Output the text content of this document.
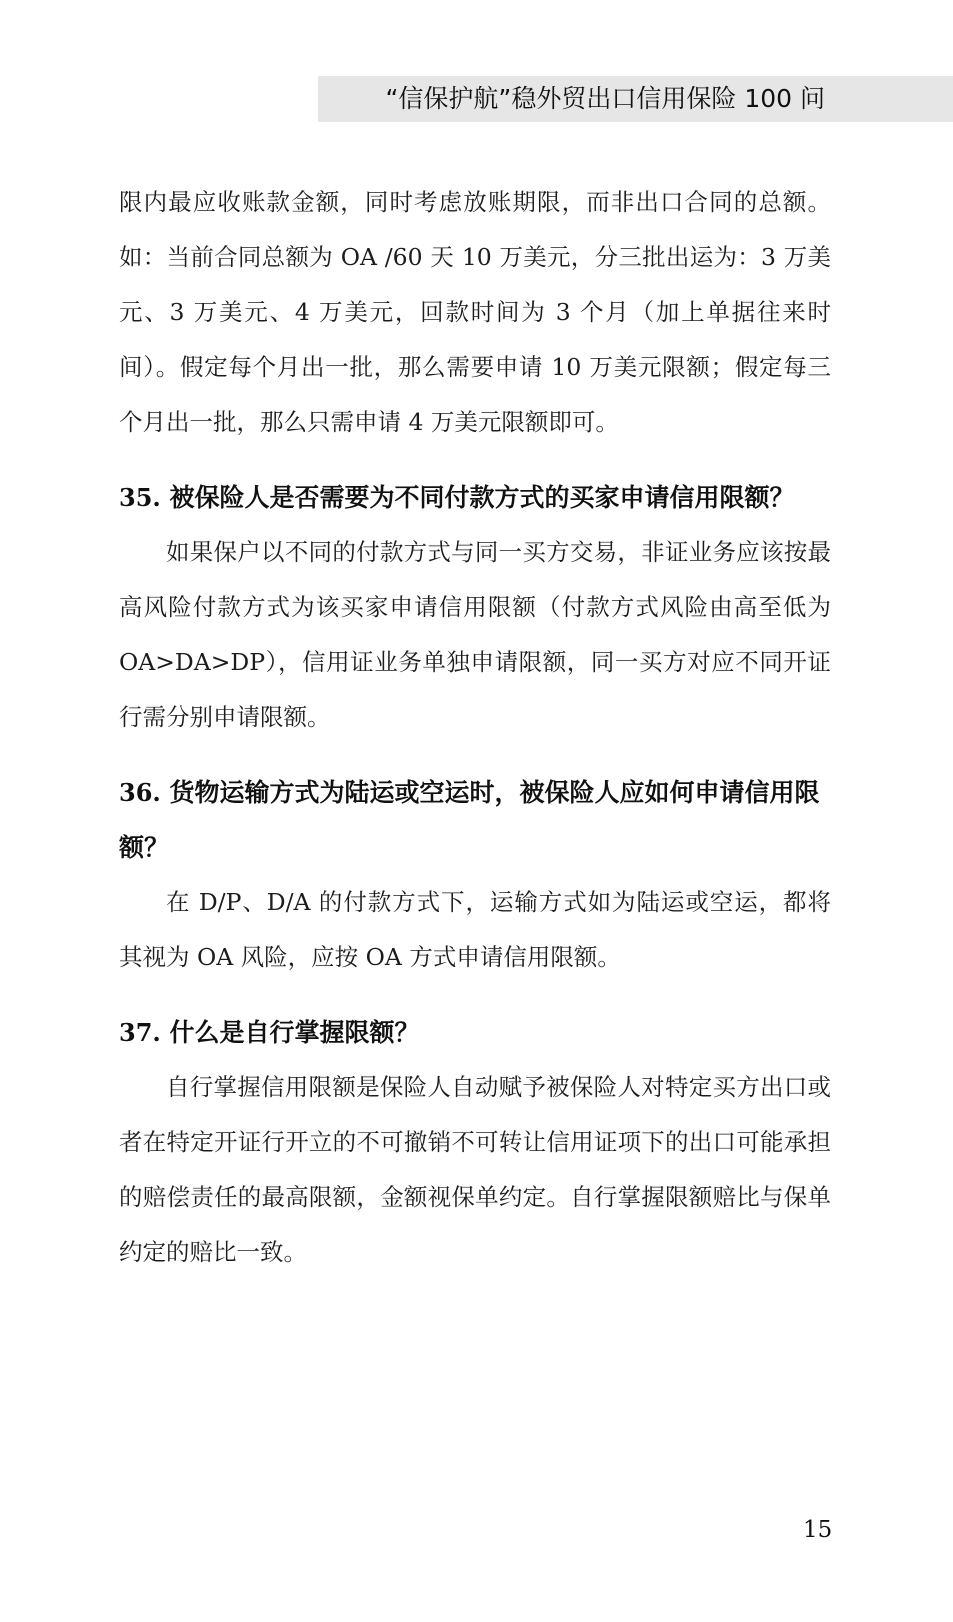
“信保护航”稳外贸出口信用保险 100 问

限内最应收账款金额，同时考虑放账期限，而非出口合同的总额。如：当前合同总额为 OA /60 天 10 万美元，分三批出运为：3 万美元、3 万美元、4 万美元，回款时间为 3 个月（加上单据往来时间）。假定每个月出一批，那么需要申请 10 万美元限额；假定每三个月出一批，那么只需申请 4 万美元限额即可。

35. 被保险人是否需要为不同付款方式的买家申请信用限额？

如果保户以不同的付款方式与同一买方交易，非证业务应该按最高风险付款方式为该买家申请信用限额（付款方式风险由高至低为 OA>DA>DP），信用证业务单独申请限额，同一买方对应不同开证行需分别申请限额。

36. 货物运输方式为陆运或空运时，被保险人应如何申请信用限额？

在 D/P、D/A 的付款方式下，运输方式如为陆运或空运，都将其视为 OA 风险，应按 OA 方式申请信用限额。

37. 什么是自行掌握限额？

自行掌握信用限额是保险人自动赋予被保险人对特定买方出口或者在特定开证行开立的不可撤销不可转让信用证项下的出口可能承担的赔偿责任的最高限额，金额视保单约定。自行掌握限额赔比与保单约定的赔比一致。

15
